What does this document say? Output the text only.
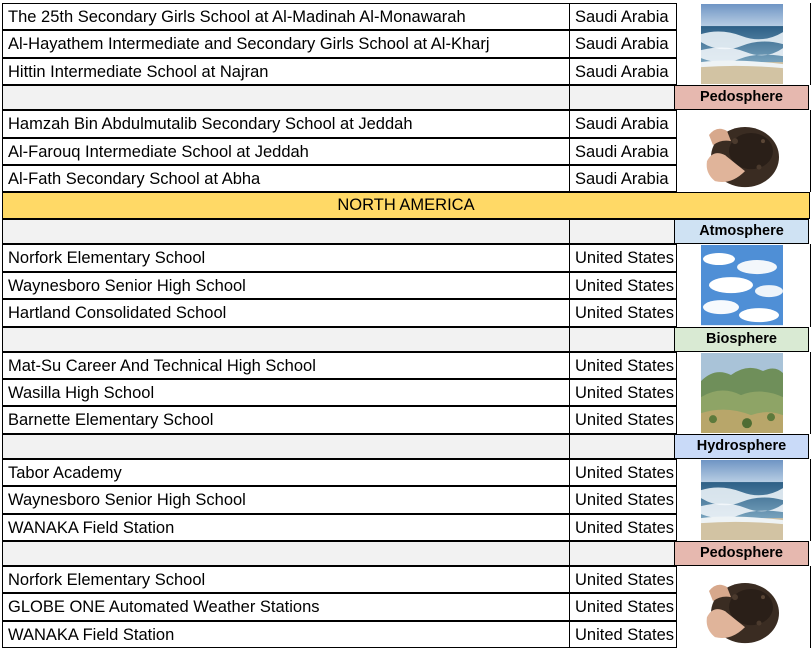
The 25th Secondary Girls School at Al-Madinah Al-Monawarah	Saudi Arabia
Al-Hayathem Intermediate and Secondary Girls School at Al-Kharj	Saudi Arabia
Hittin Intermediate School at Najran	Saudi Arabia
Pedosphere
Hamzah Bin Abdulmutalib Secondary School at Jeddah	Saudi Arabia
Al-Farouq Intermediate School at Jeddah	Saudi Arabia
Al-Fath Secondary School at Abha	Saudi Arabia
NORTH AMERICA
Atmosphere
Norfork Elementary School	United States
Waynesboro Senior High School	United States
Hartland Consolidated School	United States
Biosphere
Mat-Su Career And Technical High School	United States
Wasilla High School	United States
Barnette Elementary School	United States
Hydrosphere
Tabor Academy	United States
Waynesboro Senior High School	United States
WANAKA Field Station	United States
Pedosphere
Norfork Elementary School	United States
GLOBE ONE Automated Weather Stations	United States
WANAKA Field Station	United States
